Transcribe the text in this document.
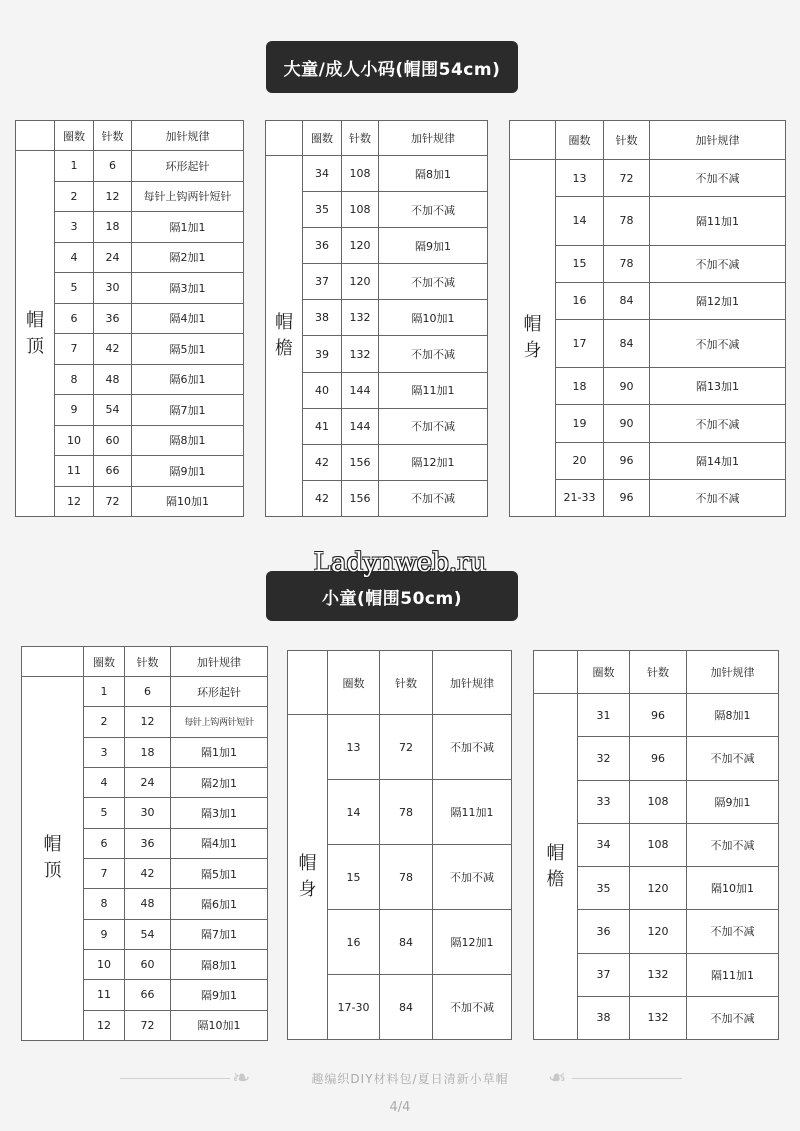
大童/成人小码(帽围54cm)
	圈数	针数	加针规律
帽
顶	1	6	环形起针
	2	12	每针上钩两针短针
	3	18	隔1加1
	4	24	隔2加1
	5	30	隔3加1
	6	36	隔4加1
	7	42	隔5加1
	8	48	隔6加1
	9	54	隔7加1
	10	60	隔8加1
	11	66	隔9加1
	12	72	隔10加1
	圈数	针数	加针规律
帽
檐	34	108	隔8加1
	35	108	不加不减
	36	120	隔9加1
	37	120	不加不减
	38	132	隔10加1
	39	132	不加不减
	40	144	隔11加1
	41	144	不加不减
	42	156	隔12加1
	42	156	不加不减
	圈数	针数	加针规律
帽
身	13	72	不加不减
	14	78	隔11加1
	15	78	不加不减
	16	84	隔12加1
	17	84	不加不减
	18	90	隔13加1
	19	90	不加不减
	20	96	隔14加1
	21-33	96	不加不减
Ladynweb.ru
小童(帽围50cm)
	圈数	针数	加针规律
帽
顶	1	6	环形起针
	2	12	每针上钩两针短针
	3	18	隔1加1
	4	24	隔2加1
	5	30	隔3加1
	6	36	隔4加1
	7	42	隔5加1
	8	48	隔6加1
	9	54	隔7加1
	10	60	隔8加1
	11	66	隔9加1
	12	72	隔10加1
	圈数	针数	加针规律
帽
身	13	72	不加不减
	14	78	隔11加1
	15	78	不加不减
	16	84	隔12加1
	17-30	84	不加不减
	圈数	针数	加针规律
帽
檐	31	96	隔8加1
	32	96	不加不减
	33	108	隔9加1
	34	108	不加不减
	35	120	隔10加1
	36	120	不加不减
	37	132	隔11加1
	38	132	不加不减
❧	趣编织DIY材料包/夏日清新小草帽	❧
4/4
